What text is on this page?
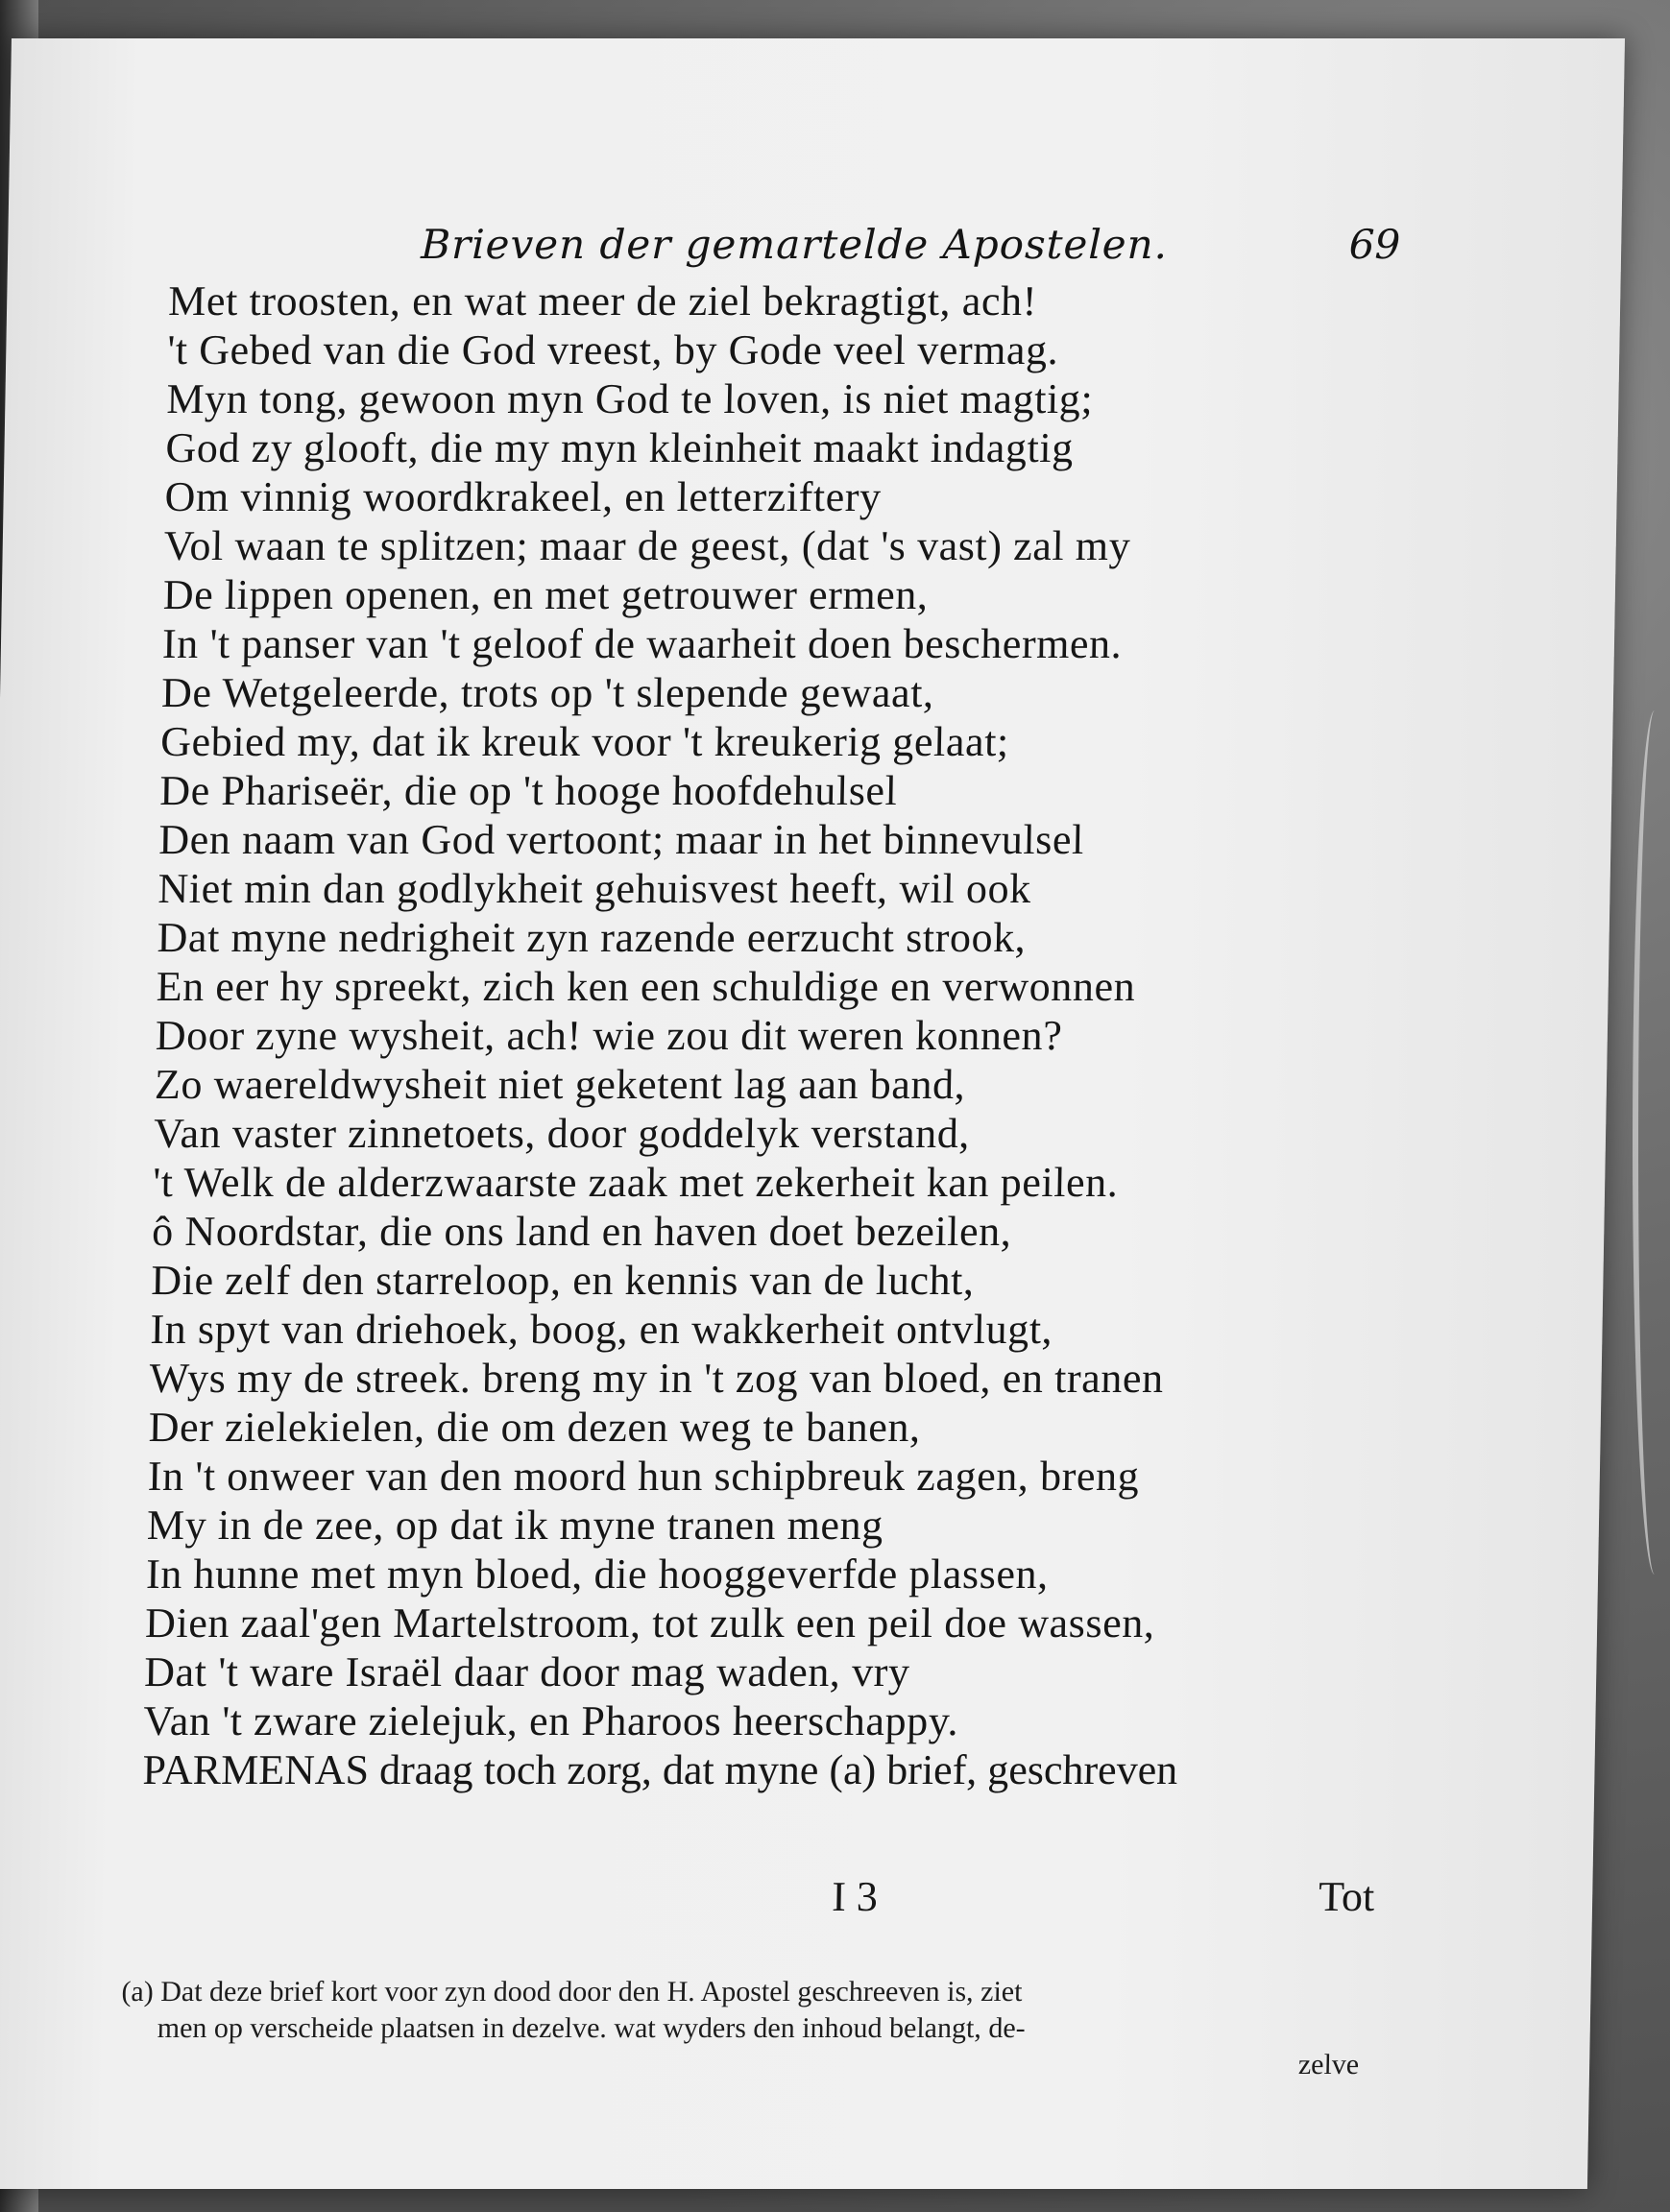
Brieven der gemartelde Apostelen.	69
Met troosten, en wat meer de ziel bekragtigt, ach!
't Gebed van die God vreest, by Gode veel vermag.
Myn tong, gewoon myn God te loven, is niet magtig;
God zy glooft, die my myn kleinheit maakt indagtig
Om vinnig woordkrakeel, en letterziftery
Vol waan te splitzen; maar de geest, (dat 's vast) zal my
De lippen openen, en met getrouwer ermen,
In 't panser van 't geloof de waarheit doen beschermen.
De Wetgeleerde, trots op 't slepende gewaat,
Gebied my, dat ik kreuk voor 't kreukerig gelaat;
De Phariseër, die op 't hooge hoofdehulsel
Den naam van God vertoont; maar in het binnevulsel
Niet min dan godlykheit gehuisvest heeft, wil ook
Dat myne nedrigheit zyn razende eerzucht strook,
En eer hy spreekt, zich ken een schuldige en verwonnen
Door zyne wysheit, ach! wie zou dit weren konnen?
Zo waereldwysheit niet geketent lag aan band,
Van vaster zinnetoets, door goddelyk verstand,
't Welk de alderzwaarste zaak met zekerheit kan peilen.
ô Noordstar, die ons land en haven doet bezeilen,
Die zelf den starreloop, en kennis van de lucht,
In spyt van driehoek, boog, en wakkerheit ontvlugt,
Wys my de streek. breng my in 't zog van bloed, en tranen
Der zielekielen, die om dezen weg te banen,
In 't onweer van den moord hun schipbreuk zagen, breng
My in de zee, op dat ik myne tranen meng
In hunne met myn bloed, die hooggeverfde plassen,
Dien zaal'gen Martelstroom, tot zulk een peil doe wassen,
Dat 't ware Israël daar door mag waden, vry
Van 't zware zielejuk, en Pharoos heerschappy.
PARMENAS draag toch zorg, dat myne (a) brief, geschreven
I 3	Tot
(a) Dat deze brief kort voor zyn dood door den H. Apostel geschreeven is, ziet
men op verscheide plaatsen in dezelve. wat wyders den inhoud belangt, de-
zelve
